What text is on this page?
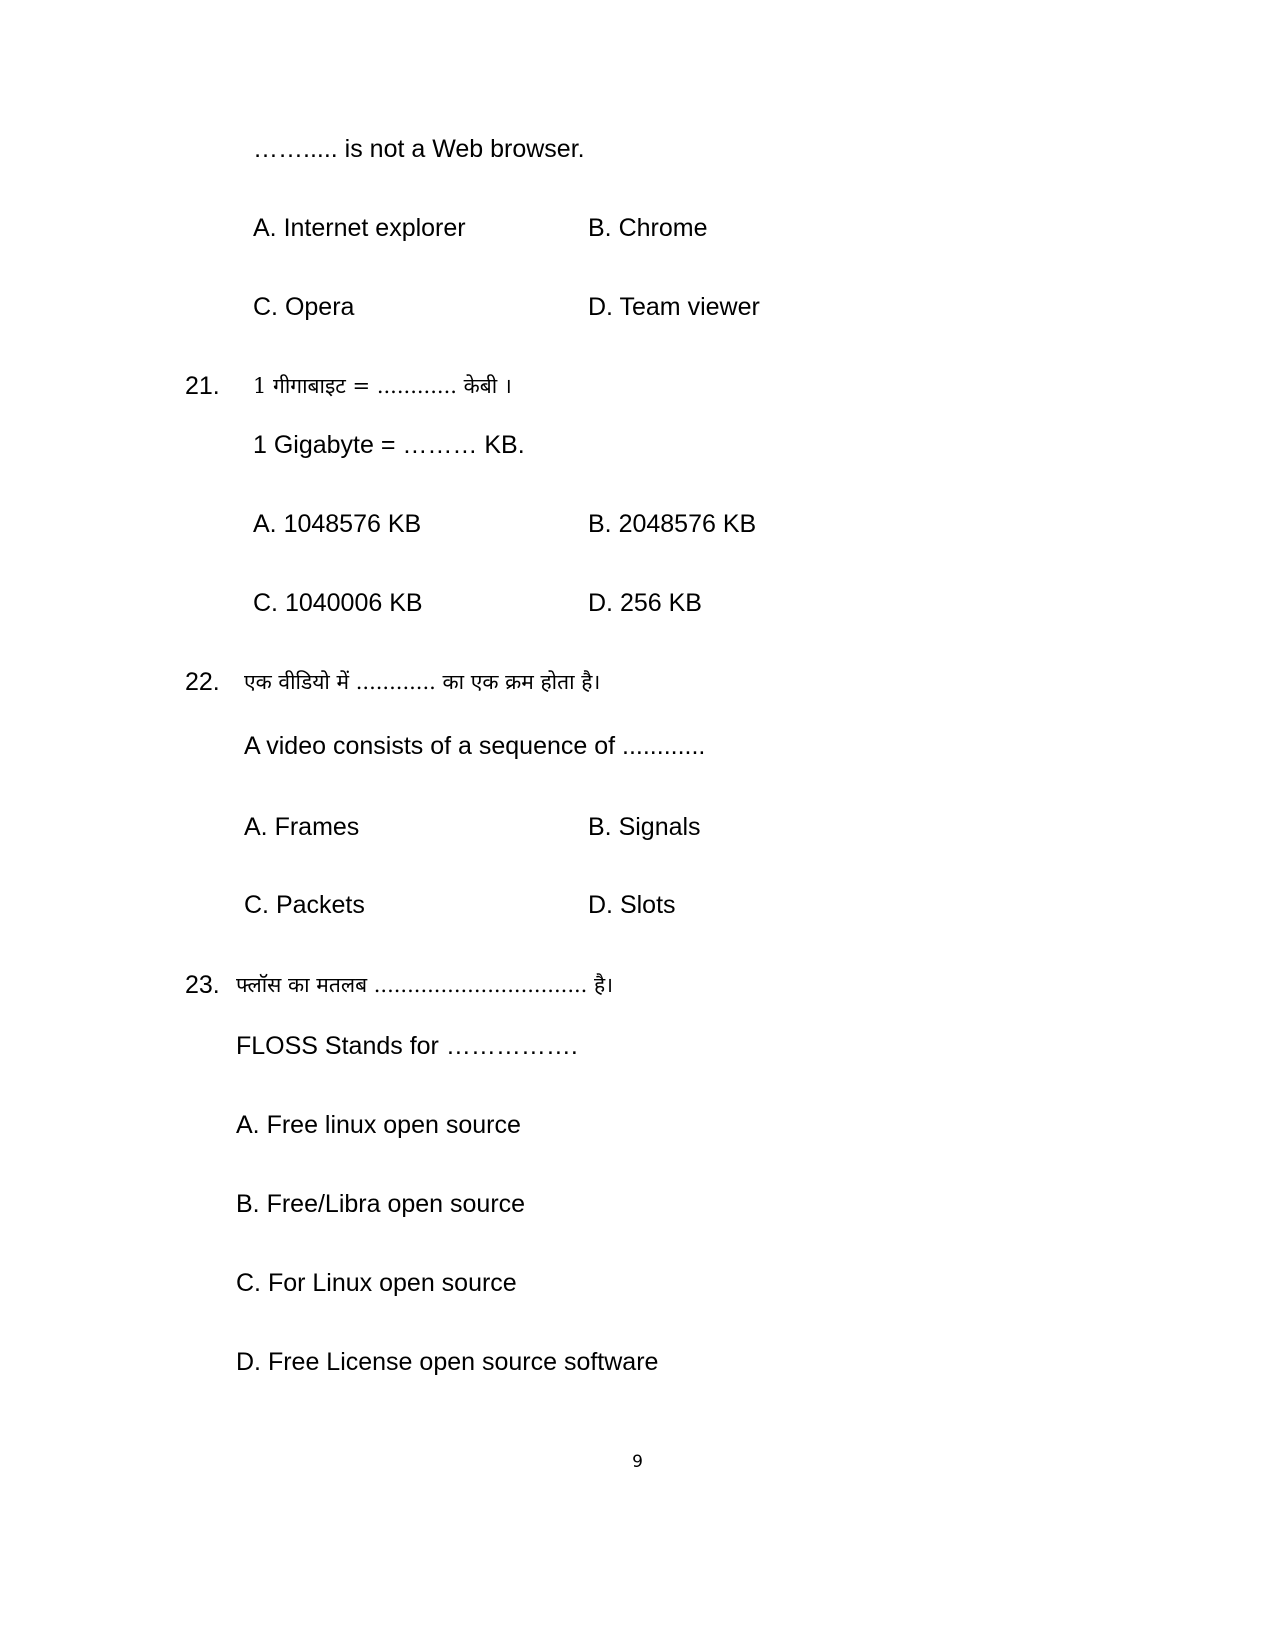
……..... is not a Web browser.
A. Internet explorer	B. Chrome
C. Opera	D. Team viewer
21. 1 गीगाबाइट = ............ केबी ।
1 Gigabyte = ……… KB.
A. 1048576 KB	B. 2048576 KB
C. 1040006 KB	D. 256 KB
22. एक वीडियो में ............ का एक क्रम होता है।
A video consists of a sequence of ............
A. Frames	B. Signals
C. Packets	D. Slots
23. फ्लॉस का मतलब ................................ है।
FLOSS Stands for …………….
A. Free linux open source
B. Free/Libra open source
C. For Linux open source
D. Free License open source software
9
